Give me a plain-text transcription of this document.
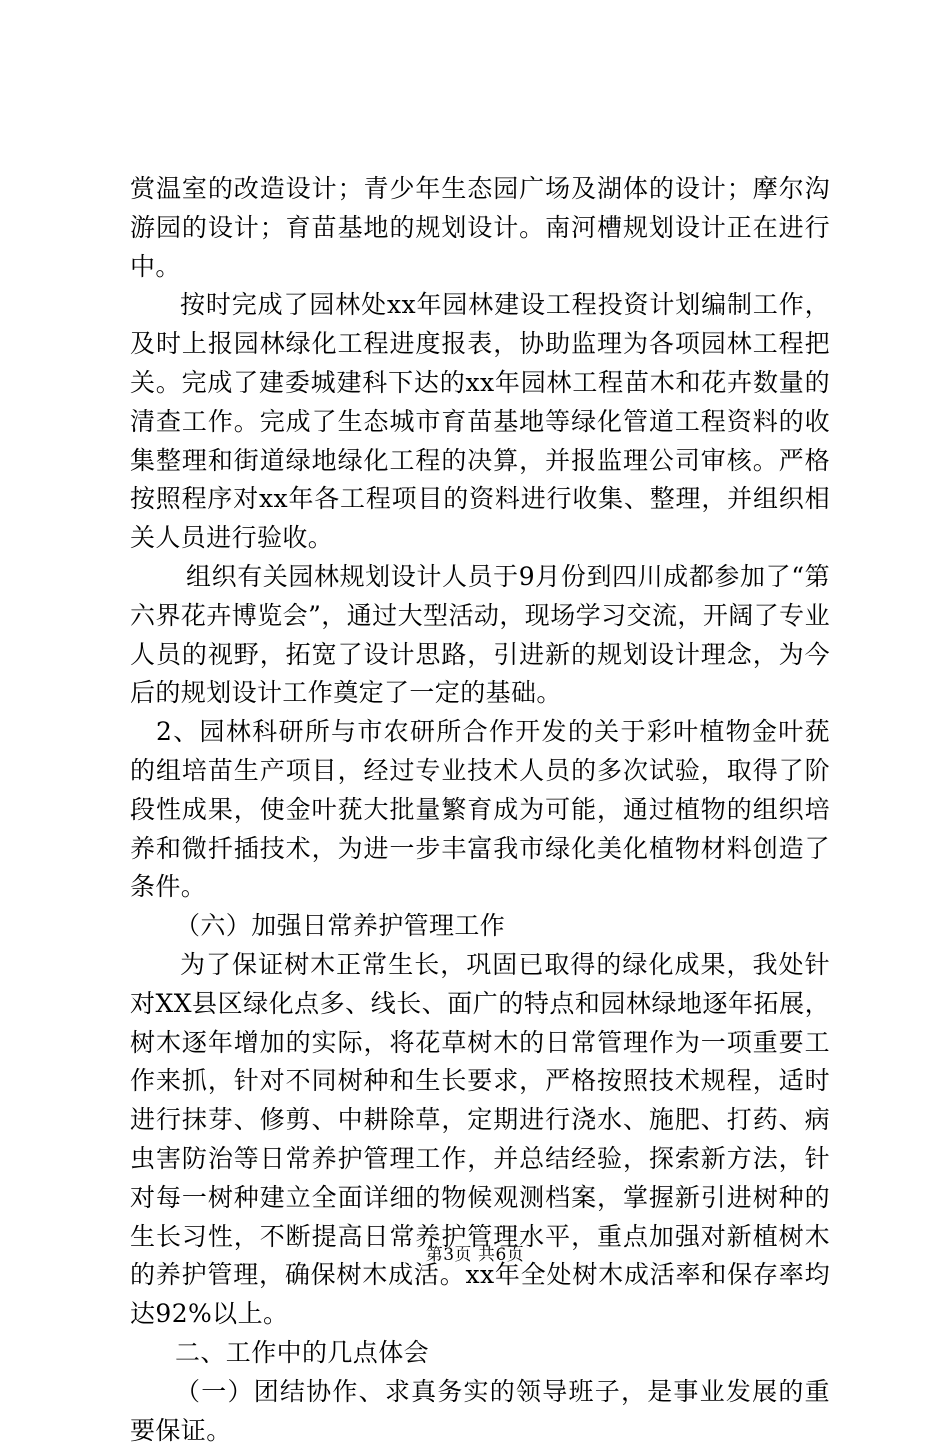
赏温室的改造设计；青少年生态园广场及湖体的设计；摩尔沟游园的设计；育苗基地的规划设计。南河槽规划设计正在进行中。

按时完成了园林处xx年园林建设工程投资计划编制工作，及时上报园林绿化工程进度报表，协助监理为各项园林工程把关。完成了建委城建科下达的xx年园林工程苗木和花卉数量的清查工作。完成了生态城市育苗基地等绿化管道工程资料的收集整理和街道绿地绿化工程的决算，并报监理公司审核。严格按照程序对xx年各工程项目的资料进行收集、整理，并组织相关人员进行验收。

组织有关园林规划设计人员于9月份到四川成都参加了“第六界花卉博览会”，通过大型活动，现场学习交流，开阔了专业人员的视野，拓宽了设计思路，引进新的规划设计理念，为今后的规划设计工作奠定了一定的基础。

2、园林科研所与市农研所合作开发的关于彩叶植物金叶莸的组培苗生产项目，经过专业技术人员的多次试验，取得了阶段性成果，使金叶莸大批量繁育成为可能，通过植物的组织培养和微扦插技术，为进一步丰富我市绿化美化植物材料创造了条件。

（六）加强日常养护管理工作

为了保证树木正常生长，巩固已取得的绿化成果，我处针对XX县区绿化点多、线长、面广的特点和园林绿地逐年拓展，树木逐年增加的实际，将花草树木的日常管理作为一项重要工作来抓，针对不同树种和生长要求，严格按照技术规程，适时进行抹芽、修剪、中耕除草，定期进行浇水、施肥、打药、病虫害防治等日常养护管理工作，并总结经验，探索新方法，针对每一树种建立全面详细的物候观测档案，掌握新引进树种的生长习性，不断提高日常养护管理水平，重点加强对新植树木的养护管理，确保树木成活。xx年全处树木成活率和保存率均达92%以上。

二、工作中的几点体会

（一）团结协作、求真务实的领导班子，是事业发展的重要保证。

第3页 共6页
